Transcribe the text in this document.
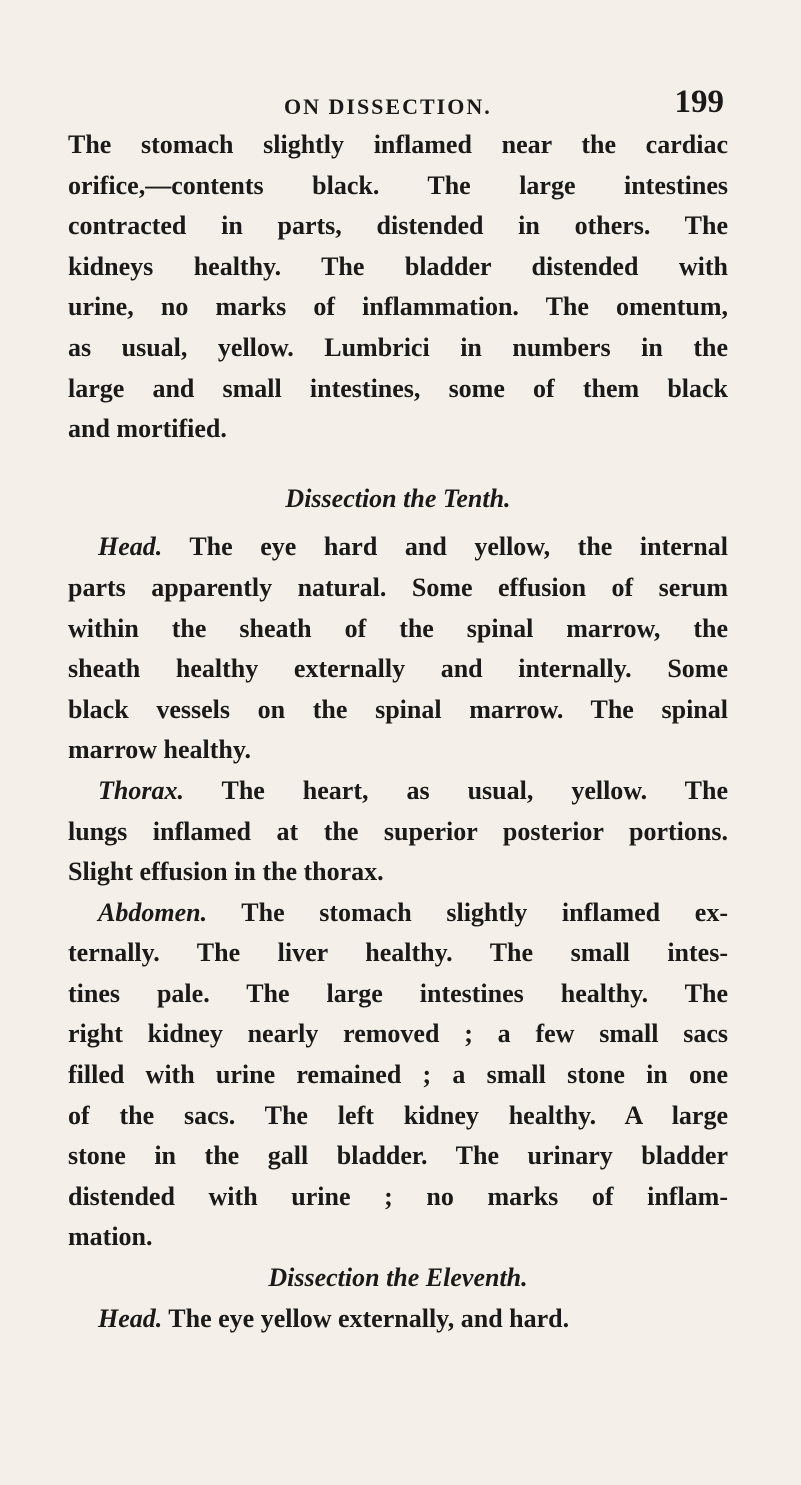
ON DISSECTION.	199
The stomach slightly inflamed near the cardiac
orifice,—contents black. The large intestines
contracted in parts, distended in others. The
kidneys healthy. The bladder distended with
urine, no marks of inflammation. The omentum,
as usual, yellow. Lumbrici in numbers in the
large and small intestines, some of them black
and mortified.
Dissection the Tenth.
Head. The eye hard and yellow, the internal
parts apparently natural. Some effusion of serum
within the sheath of the spinal marrow, the
sheath healthy externally and internally. Some
black vessels on the spinal marrow. The spinal
marrow healthy.
Thorax. The heart, as usual, yellow. The
lungs inflamed at the superior posterior portions.
Slight effusion in the thorax.
Abdomen. The stomach slightly inflamed ex-
ternally. The liver healthy. The small intes-
tines pale. The large intestines healthy. The
right kidney nearly removed ; a few small sacs
filled with urine remained ; a small stone in one
of the sacs. The left kidney healthy. A large
stone in the gall bladder. The urinary bladder
distended with urine ; no marks of inflam-
mation.
Dissection the Eleventh.
Head. The eye yellow externally, and hard.
